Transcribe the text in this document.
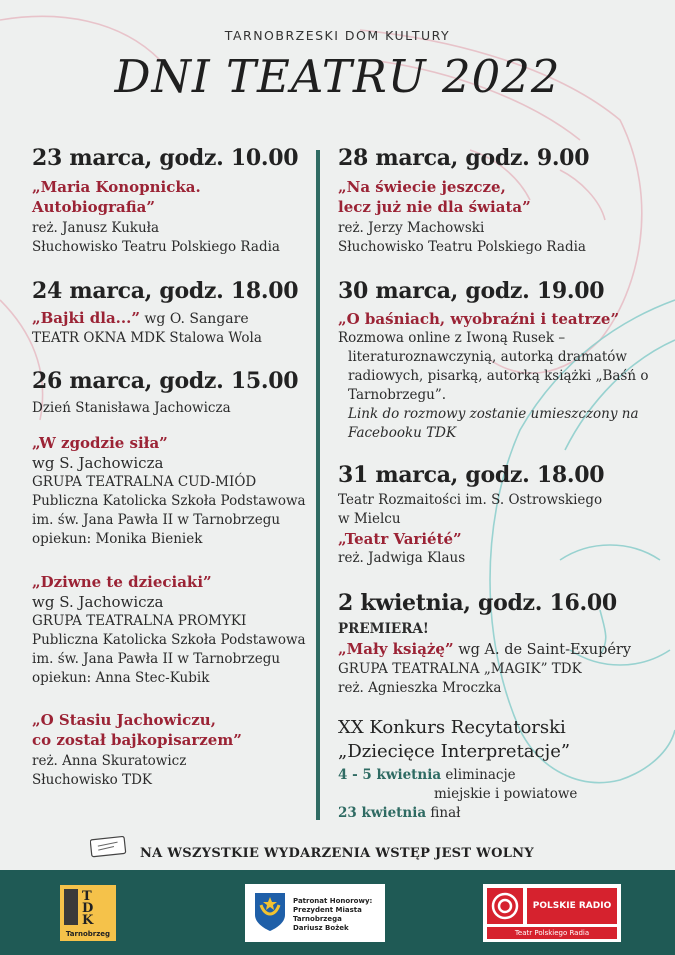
TARNOBRZESKI DOM KULTURY
DNI TEATRU 2022
23 marca, godz. 10.00
„Maria Konopnicka.
Autobiografia”
reż. Janusz Kukuła
Słuchowisko Teatru Polskiego Radia
24 marca, godz. 18.00
„Bajki dla...” wg O. Sangare
TEATR OKNA MDK Stalowa Wola
26 marca, godz. 15.00
Dzień Stanisława Jachowicza
„W zgodzie siła”
wg S. Jachowicza
GRUPA TEATRALNA CUD-MIÓD
Publiczna Katolicka Szkoła Podstawowa
im. św. Jana Pawła II w Tarnobrzegu
opiekun: Monika Bieniek
„Dziwne te dzieciaki”
wg S. Jachowicza
GRUPA TEATRALNA PROMYKI
Publiczna Katolicka Szkoła Podstawowa
im. św. Jana Pawła II w Tarnobrzegu
opiekun: Anna Stec-Kubik
„O Stasiu Jachowiczu,
co został bajkopisarzem”
reż. Anna Skuratowicz
Słuchowisko TDK
28 marca, godz. 9.00
„Na świecie jeszcze,
lecz już nie dla świata”
reż. Jerzy Machowski
Słuchowisko Teatru Polskiego Radia
30 marca, godz. 19.00
„O baśniach, wyobraźni i teatrze”
Rozmowa online z Iwoną Rusek –
literaturoznawczynią, autorką dramatów
radiowych, pisarką, autorką książki „Baśń o
Tarnobrzegu”.
Link do rozmowy zostanie umieszczony na
Facebooku TDK
31 marca, godz. 18.00
Teatr Rozmaitości im. S. Ostrowskiego
w Mielcu
„Teatr Variété”
reż. Jadwiga Klaus
2 kwietnia, godz. 16.00
PREMIERA!
„Mały książę” wg A. de Saint-Exupéry
GRUPA TEATRALNA „MAGIK” TDK
reż. Agnieszka Mroczka
XX Konkurs Recytatorski
„Dziecięce Interpretacje”
4 - 5 kwietnia eliminacje
miejskie i powiatowe
23 kwietnia finał
NA WSZYSTKIE WYDARZENIA WSTĘP JEST WOLNY
TDK
Tarnobrzeg
Patronat Honorowy:
Prezydent Miasta Tarnobrzega
Dariusz Bożek
POLSKIE RADIO
Teatr Polskiego Radia
